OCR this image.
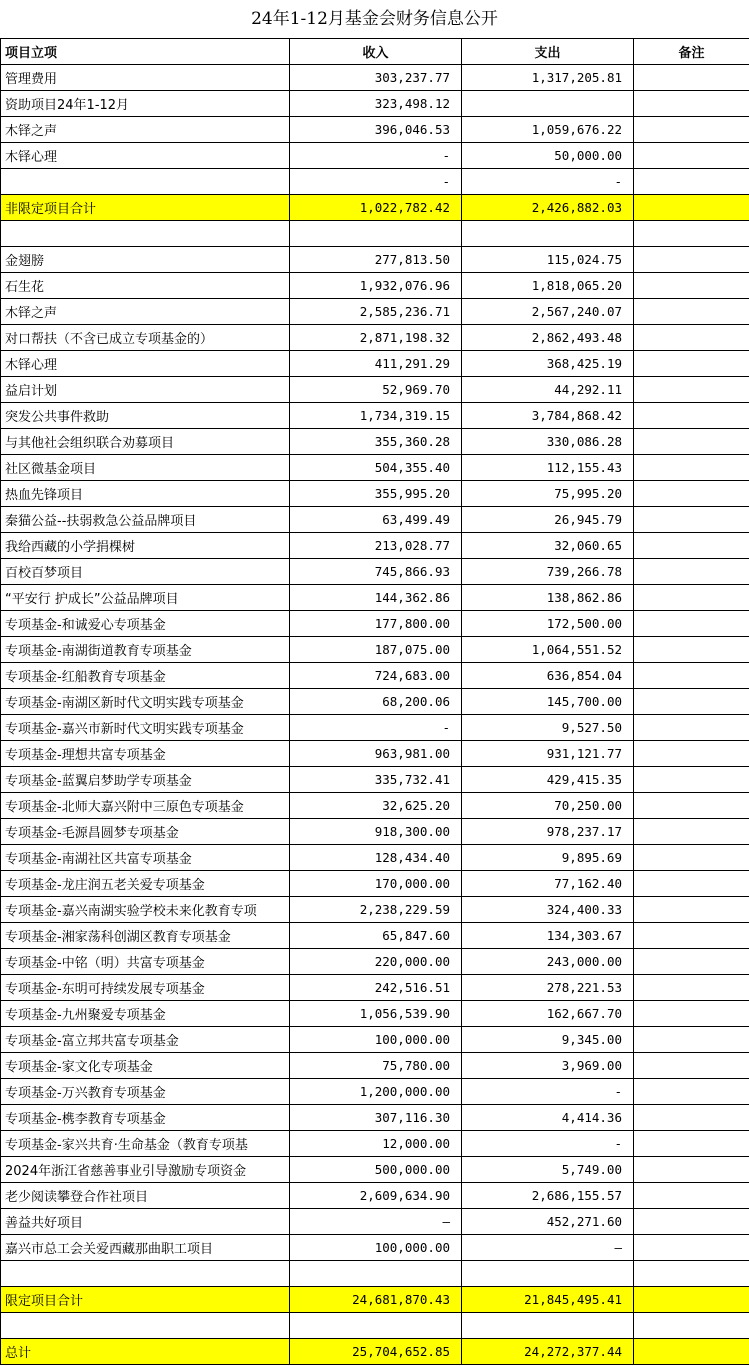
24年1-12月基金会财务信息公开
项目立项	收入	支出	备注
管理费用	303,237.77	1,317,205.81	
资助项目24年1-12月	323,498.12		
木铎之声	396,046.53	1,059,676.22	
木铎心理	-	50,000.00	
	-	-	
非限定项目合计	1,022,782.42	2,426,882.03	

金翅膀	277,813.50	115,024.75	
石生花	1,932,076.96	1,818,065.20	
木铎之声	2,585,236.71	2,567,240.07	
对口帮扶（不含已成立专项基金的）	2,871,198.32	2,862,493.48	
木铎心理	411,291.29	368,425.19	
益启计划	52,969.70	44,292.11	
突发公共事件救助	1,734,319.15	3,784,868.42	
与其他社会组织联合劝募项目	355,360.28	330,086.28	
社区微基金项目	504,355.40	112,155.43	
热血先锋项目	355,995.20	75,995.20	
秦猫公益--扶弱救急公益品牌项目	63,499.49	26,945.79	
我给西藏的小学捐棵树	213,028.77	32,060.65	
百校百梦项目	745,866.93	739,266.78	
“平安行 护成长”公益品牌项目	144,362.86	138,862.86	
专项基金-和诚爱心专项基金	177,800.00	172,500.00	
专项基金-南湖街道教育专项基金	187,075.00	1,064,551.52	
专项基金-红船教育专项基金	724,683.00	636,854.04	
专项基金-南湖区新时代文明实践专项基金	68,200.06	145,700.00	
专项基金-嘉兴市新时代文明实践专项基金	-	9,527.50	
专项基金-理想共富专项基金	963,981.00	931,121.77	
专项基金-蓝翼启梦助学专项基金	335,732.41	429,415.35	
专项基金-北师大嘉兴附中三原色专项基金	32,625.20	70,250.00	
专项基金-毛源昌圆梦专项基金	918,300.00	978,237.17	
专项基金-南湖社区共富专项基金	128,434.40	9,895.69	
专项基金-龙庄润五老关爱专项基金	170,000.00	77,162.40	
专项基金-嘉兴南湖实验学校未来化教育专项	2,238,229.59	324,400.33	
专项基金-湘家荡科创湖区教育专项基金	65,847.60	134,303.67	
专项基金-中铭（明）共富专项基金	220,000.00	243,000.00	
专项基金-东明可持续发展专项基金	242,516.51	278,221.53	
专项基金-九州聚爱专项基金	1,056,539.90	162,667.70	
专项基金-富立邦共富专项基金	100,000.00	9,345.00	
专项基金-家文化专项基金	75,780.00	3,969.00	
专项基金-万兴教育专项基金	1,200,000.00	-	
专项基金-槜李教育专项基金	307,116.30	4,414.36	
专项基金-家兴共育·生命基金（教育专项基	12,000.00	-	
2024年浙江省慈善事业引导激励专项资金	500,000.00	5,749.00	
老少阅读攀登合作社项目	2,609,634.90	2,686,155.57	
善益共好项目	—	452,271.60	
嘉兴市总工会关爱西藏那曲职工项目	100,000.00	—	

限定项目合计	24,681,870.43	21,845,495.41	

总计	25,704,652.85	24,272,377.44	
